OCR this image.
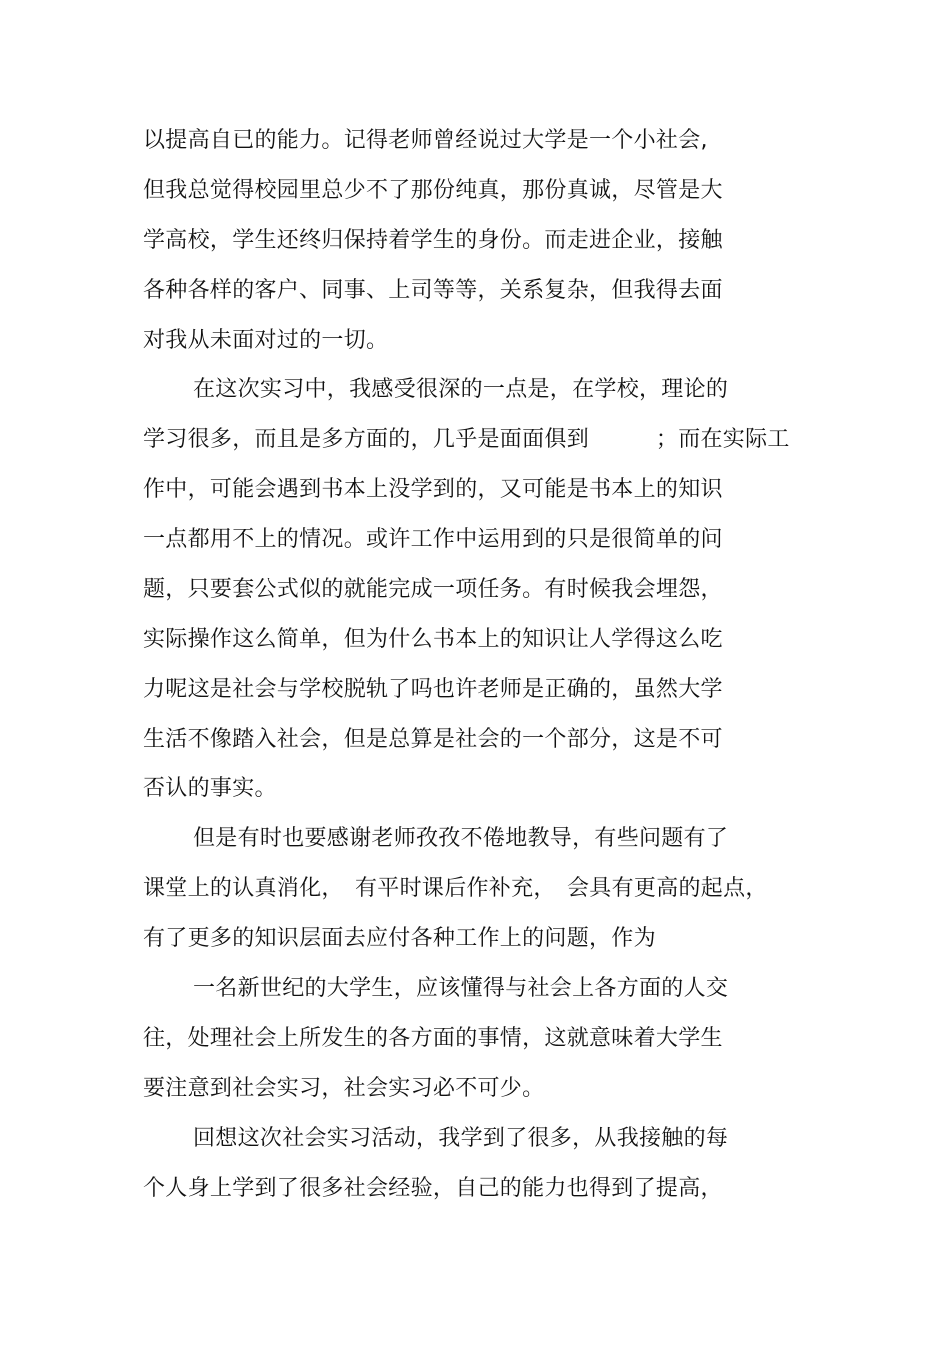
以提高自已的能力。记得老师曾经说过大学是一个小社会,
但我总觉得校园里总少不了那份纯真，那份真诚，尽管是大
学高校，学生还终归保持着学生的身份。而走进企业，接触
各种各样的客户、同事、上司等等，关系复杂，但我得去面
对我从未面对过的一切。
在这次实习中，我感受很深的一点是，在学校，理论的
学习很多，而且是多方面的，几乎是面面俱到　　　；而在实际工
作中，可能会遇到书本上没学到的，又可能是书本上的知识
一点都用不上的情况。或许工作中运用到的只是很简单的问
题，只要套公式似的就能完成一项任务。有时候我会埋怨，
实际操作这么简单，但为什么书本上的知识让人学得这么吃
力呢这是社会与学校脱轨了吗也许老师是正确的，虽然大学
生活不像踏入社会，但是总算是社会的一个部分，这是不可
否认的事实。
但是有时也要感谢老师孜孜不倦地教导，有些问题有了
课堂上的认真消化，　有平时课后作补充，　会具有更高的起点，
有了更多的知识层面去应付各种工作上的问题，作为
一名新世纪的大学生，应该懂得与社会上各方面的人交
往，处理社会上所发生的各方面的事情，这就意味着大学生
要注意到社会实习，社会实习必不可少。
回想这次社会实习活动，我学到了很多，从我接触的每
个人身上学到了很多社会经验，自己的能力也得到了提高，
